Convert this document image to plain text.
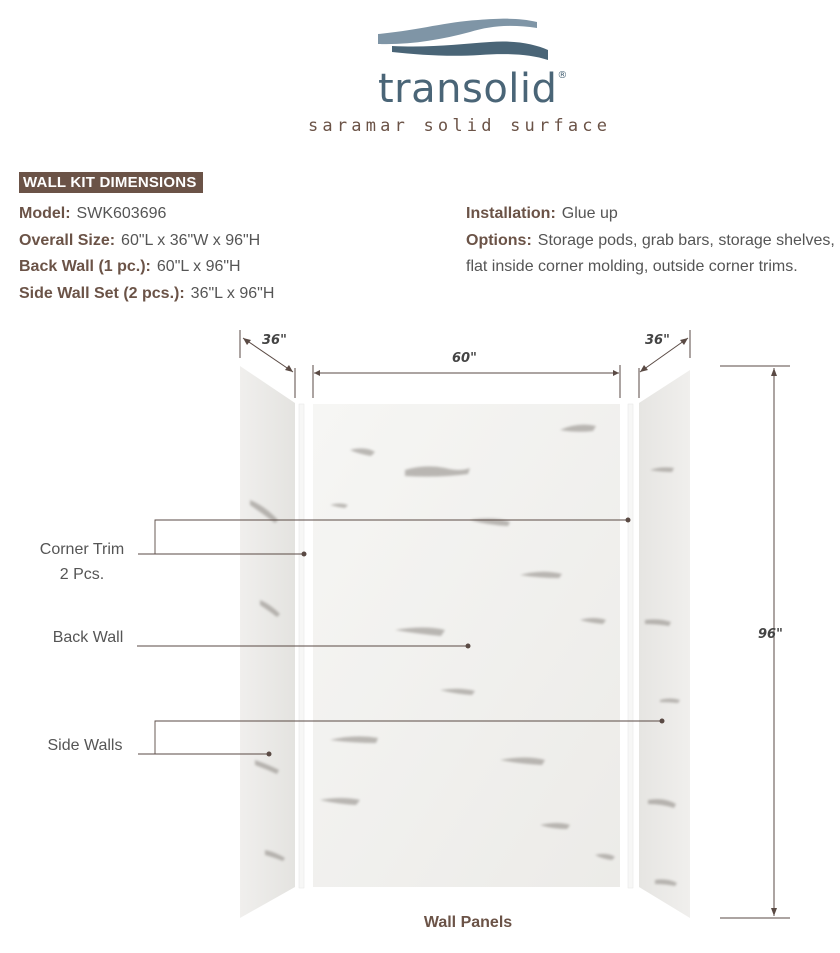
transolid®
saramar solid surface
WALL KIT DIMENSIONS
Model: SWK603696
Overall Size: 60"L x 36"W x 96"H
Back Wall (1 pc.): 60"L x 96"H
Side Wall Set (2 pcs.): 36"L x 96"H
Installation: Glue up
Options: Storage pods, grab bars, storage shelves, flat inside corner molding, outside corner trims.
36"
60"
36"
96"
Corner Trim
2 Pcs.
Back Wall
Side Walls
Wall Panels
